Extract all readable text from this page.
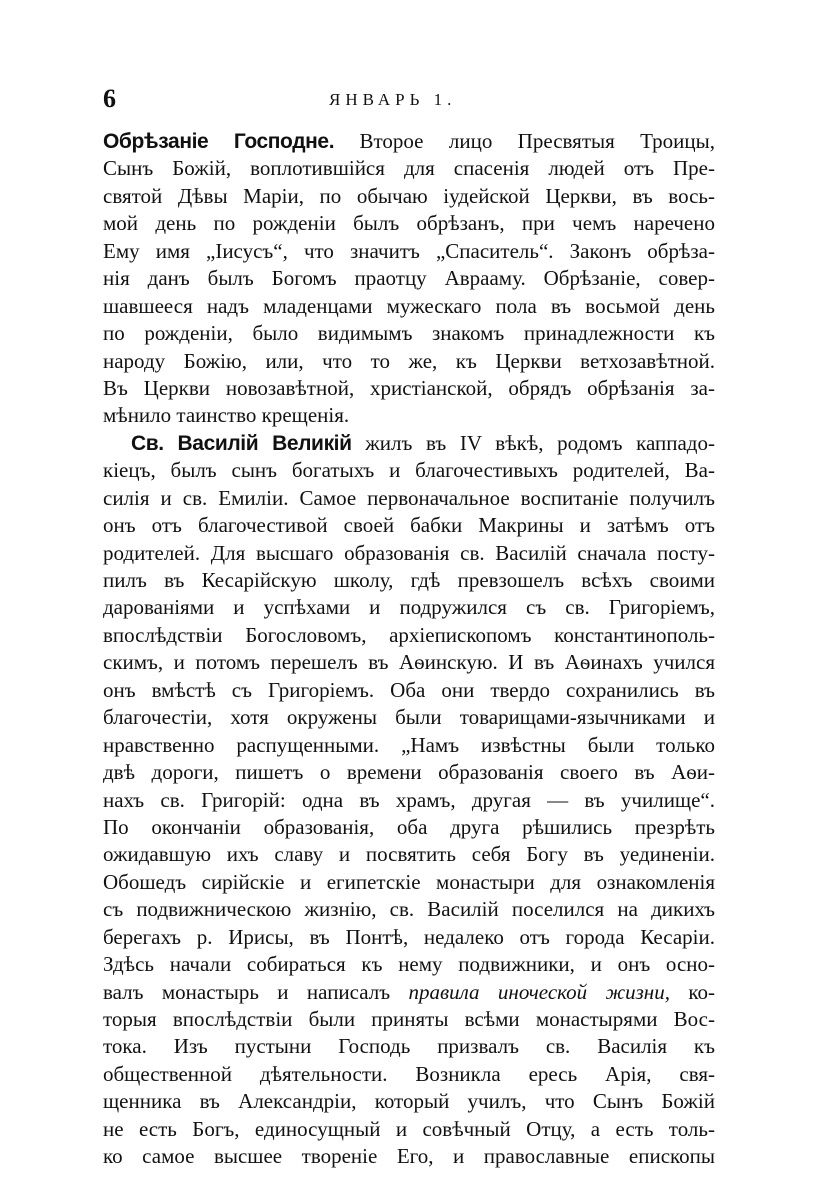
6	ЯНВАРЬ 1.
Обрѣзаніе Господне. Второе лицо Пресвятыя Троицы,
Сынъ Божій, воплотившійся для спасенія людей отъ Пре-
святой Дѣвы Маріи, по обычаю іудейской Церкви, въ вось-
мой день по рожденіи былъ обрѣзанъ, при чемъ наречено
Ему имя „Іисусъ“, что значитъ „Спаситель“. Законъ обрѣза-
нія данъ былъ Богомъ праотцу Аврааму. Обрѣзаніе, совер-
шавшееся надъ младенцами мужескаго пола въ восьмой день
по рожденіи, было видимымъ знакомъ принадлежности къ
народу Божію, или, что то же, къ Церкви ветхозавѣтной.
Въ Церкви новозавѣтной, христіанской, обрядъ обрѣзанія за-
мѣнило таинство крещенія.
Св. Василій Великій жилъ въ IV вѣкѣ, родомъ каппадо-
кіецъ, былъ сынъ богатыхъ и благочестивыхъ родителей, Ва-
силія и св. Емиліи. Самое первоначальное воспитаніе получилъ
онъ отъ благочестивой своей бабки Макрины и затѣмъ отъ
родителей. Для высшаго образованія св. Василій сначала посту-
пилъ въ Кесарійскую школу, гдѣ превзошелъ всѣхъ своими
дарованіями и успѣхами и подружился съ св. Григоріемъ,
впослѣдствіи Богословомъ, архіепископомъ константинополь-
скимъ, и потомъ перешелъ въ Аѳинскую. И въ Аѳинахъ учился
онъ вмѣстѣ съ Григоріемъ. Оба они твердо сохранились въ
благочестіи, хотя окружены были товарищами-язычниками и
нравственно распущенными. „Намъ извѣстны были только
двѣ дороги, пишетъ о времени образованія своего въ Аѳи-
нахъ св. Григорій: одна въ храмъ, другая — въ училище“.
По окончаніи образованія, оба друга рѣшились презрѣть
ожидавшую ихъ славу и посвятить себя Богу въ уединеніи.
Обошедъ сирійскіе и египетскіе монастыри для ознакомленія
съ подвижническою жизнію, св. Василій поселился на дикихъ
берегахъ р. Ирисы, въ Понтѣ, недалеко отъ города Кесаріи.
Здѣсь начали собираться къ нему подвижники, и онъ осно-
валъ монастырь и написалъ правила иноческой жизни, ко-
торыя впослѣдствіи были приняты всѣми монастырями Вос-
тока. Изъ пустыни Господь призвалъ св. Василія къ
общественной дѣятельности. Возникла ересь Арія, свя-
щенника въ Александріи, который училъ, что Сынъ Божій
не есть Богъ, единосущный и совѣчный Отцу, а есть толь-
ко самое высшее твореніе Его, и православные епископы
